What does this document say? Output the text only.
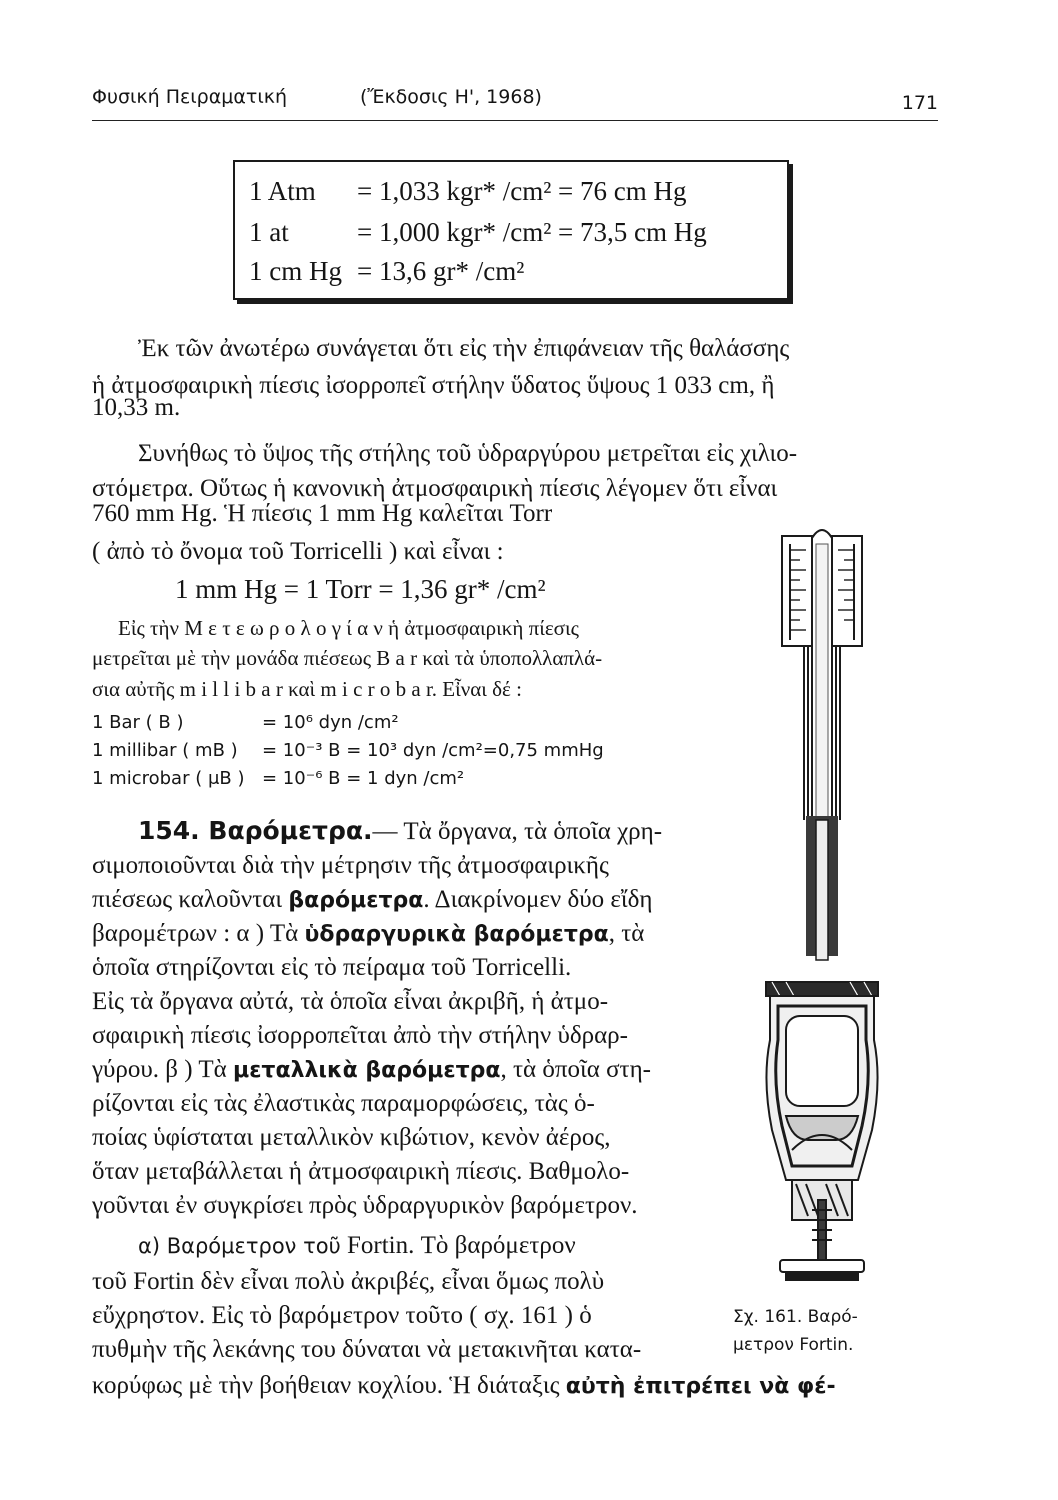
Φυσική Πειραματική	(Ἔκδοσις Η', 1968)	171
1 Atm = 1,033 kgr* /cm² = 76 cm Hg
1 at	= 1,000 kgr* /cm² = 73,5 cm Hg
1 cm Hg = 13,6 gr* /cm²
Ἐκ τῶν ἀνωτέρω συνάγεται ὅτι εἰς τὴν ἐπιφάνειαν τῆς θαλάσσης
ἡ ἀτμοσφαιρικὴ πίεσις ἰσορροπεῖ στήλην ὕδατος ὕψους 1 033 cm, ἢ
10,33 m.
Συνήθως τὸ ὕψος τῆς στήλης τοῦ ὑδραργύρου μετρεῖται εἰς χιλιο-
στόμετρα. Οὕτως ἡ κανονικὴ ἀτμοσφαιρικὴ πίεσις λέγομεν ὅτι εἶναι
760 mm Hg. Ἡ πίεσις 1 mm Hg καλεῖται Torr
( ἀπὸ τὸ ὄνομα τοῦ Torricelli ) καὶ εἶναι :
1 mm Hg = 1 Torr = 1,36 gr* /cm²
Εἰς τὴν Μ ε τ ε ω ρ ο λ ο γ ί α ν ἡ ἀτμοσφαιρικὴ πίεσις
μετρεῖται μὲ τὴν μονάδα πιέσεως B a r καὶ τὰ ὑποπολλαπλά-
σια αὐτῆς m i l l i b a r καὶ m i c r o b a r. Εἶναι δέ :
1 Bar ( B )	= 10⁶ dyn /cm²
1 millibar ( mB ) = 10⁻³ B = 10³ dyn /cm²=0,75 mmHg
1 microbar ( μB ) = 10⁻⁶ B = 1 dyn /cm²
154. Βαρόμετρα.— Τὰ ὄργανα, τὰ ὁποῖα χρη-
σιμοποιοῦνται διὰ τὴν μέτρησιν τῆς ἀτμοσφαιρικῆς
πιέσεως καλοῦνται βαρόμετρα. Διακρίνομεν δύο εἴδη
βαρομέτρων : α ) Τὰ ὑδραργυρικὰ βαρόμετρα, τὰ
ὁποῖα στηρίζονται εἰς τὸ πείραμα τοῦ Torricelli.
Εἰς τὰ ὄργανα αὐτά, τὰ ὁποῖα εἶναι ἀκριβῆ, ἡ ἀτμο-
σφαιρικὴ πίεσις ἰσορροπεῖται ἀπὸ τὴν στήλην ὑδραρ-
γύρου. β ) Τὰ μεταλλικὰ βαρόμετρα, τὰ ὁποῖα στη-
ρίζονται εἰς τὰς ἐλαστικὰς παραμορφώσεις, τὰς ὁ-
ποίας ὑφίσταται μεταλλικὸν κιβώτιον, κενὸν ἀέρος,
ὅταν μεταβάλλεται ἡ ἀτμοσφαιρικὴ πίεσις. Βαθμολο-
γοῦνται ἐν συγκρίσει πρὸς ὑδραργυρικὸν βαρόμετρον.
α) Βαρόμετρον τοῦ Fortin. Τὸ βαρόμετρον
τοῦ Fortin δὲν εἶναι πολὺ ἀκριβές, εἶναι ὅμως πολὺ
εὔχρηστον. Εἰς τὸ βαρόμετρον τοῦτο ( σχ. 161 ) ὁ
πυθμὴν τῆς λεκάνης του δύναται νὰ μετακινῆται κατα-
κορύφως μὲ τὴν βοήθειαν κοχλίου. Ἡ διάταξις αὐτὴ ἐπιτρέπει νὰ φέ-
Σχ. 161. Βαρό-
μετρον Fortin.
